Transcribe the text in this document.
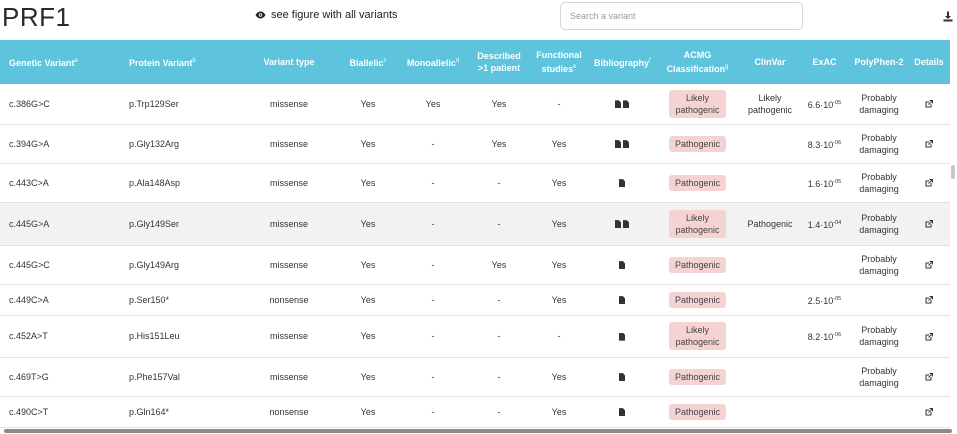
PRF1	see figure with all variants
Search a variant
Genetic Variant$^a$	Protein Variant$^b$	Variant type	Biallelic$^c$	Monoallelic$^d$	Described
>1 patient	Functional
studies$^e$	Bibliography$^f$	ACMG
Classification$^g$	ClinVar	ExAC	PolyPhen-2	Details
c.386G>C	p.Trp129Ser	missense	Yes	Yes	Yes	-		Likely
pathogenic	Likely
pathogenic	$6.6\cdot 10^{-05}$	Probably
damaging	
c.394G>A	p.Gly132Arg	missense	Yes	-	Yes	Yes		Pathogenic		$8.3\cdot 10^{-06}$	Probably
damaging	
c.443C>A	p.Ala148Asp	missense	Yes	-	-	Yes		Pathogenic		$1.6\cdot 10^{-05}$	Probably
damaging	
c.445G>A	p.Gly149Ser	missense	Yes	-	-	Yes		Likely
pathogenic	Pathogenic	$1.4\cdot 10^{-04}$	Probably
damaging	
c.445G>C	p.Gly149Arg	missense	Yes	-	Yes	Yes		Pathogenic			Probably
damaging	
c.449C>A	p.Ser150*	nonsense	Yes	-	-	Yes		Pathogenic		$2.5\cdot 10^{-05}$	

c.452A>T	p.His151Leu	missense	Yes	-	-	-		Likely
pathogenic		$8.2\cdot 10^{-06}$	Probably
damaging	
c.469T>G	p.Phe157Val	missense	Yes	-	-	Yes		Pathogenic			Probably
damaging	
c.490C>T	p.Gln164*	nonsense	Yes	-	-	Yes		Pathogenic	
